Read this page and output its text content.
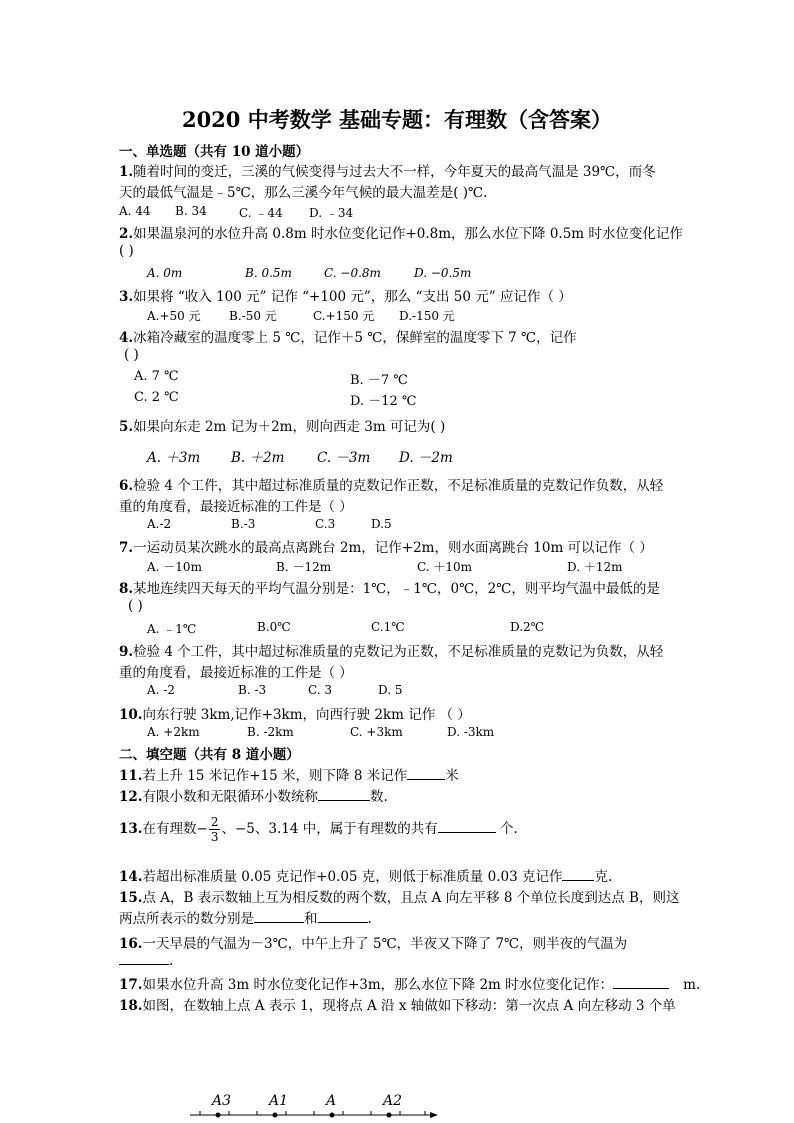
2020 中考数学 基础专题：有理数（含答案）
一、单选题（共有 10 道小题）
1.随着时间的变迁，三溪的气候变得与过去大不一样，今年夏天的最高气温是 39℃，而冬
天的最低气温是﹣5℃，那么三溪今年气候的最大温差是( )℃.
A. 44 B. 34	C. ﹣44 D. ﹣34
2.如果温泉河的水位升高 0.8m 时水位变化记作+0.8m，那么水位下降 0.5m 时水位变化记作
( )
A. 0m	B. 0.5m	C. −0.8m	D. −0.5m
3.如果将 “收入 100 元” 记作 “+100 元”，那么 “支出 50 元” 应记作（ ）
A.+50 元 B.-50 元	C.+150 元 D.-150 元
4.冰箱冷藏室的温度零上 5 ℃，记作＋5 ℃，保鲜室的温度零下 7 ℃，记作
( )
A. 7 ℃	B. －7 ℃
C. 2 ℃	D. －12 ℃
5.如果向东走 2m 记为＋2m，则向西走 3m 可记为( )
A. ＋3m B. ＋2m C. －3m D. －2m
6.检验 4 个工件，其中超过标准质量的克数记作正数，不足标准质量的克数记作负数，从轻
重的角度看，最接近标准的工件是（ ）
A.-2	B.-3	C.3	D.5
7.一运动员某次跳水的最高点离跳台 2m，记作+2m，则水面离跳台 10m 可以记作（ ）
A. －10m	B. －12m	C. ＋10m	D. ＋12m
8.某地连续四天每天的平均气温分别是：1℃，﹣1℃，0℃，2℃，则平均气温中最低的是
( )
A. ﹣1℃	B.0℃	C.1℃	D.2℃
9.检验 4 个工件，其中超过标准质量的克数记为正数，不足标准质量的克数记为负数，从轻
重的角度看，最接近标准的工件是（ ）
A. -2	B. -3	C. 3	D. 5
10.向东行驶 3km,记作+3km，向西行驶 2km 记作 （ ）
A. +2km	B. -2km	C. +3km	D. -3km
二、填空题（共有 8 道小题）
11.若上升 15 米记作+15 米，则下降 8 米记作	米
12.有限小数和无限循环小数统称	数.
13.在有理数− $\frac{2}{3}$ 、−5、3.14 中，属于有理数的共有	个.
14.若超出标准质量 0.05 克记作+0.05 克，则低于标准质量 0.03 克记作 克.
15.点 A，B 表示数轴上互为相反数的两个数，且点 A 向左平移 8 个单位长度到达点 B，则这
两点所表示的数分别是	和	.
16.一天早晨的气温为－3℃，中午上升了 5℃，半夜又下降了 7℃，则半夜的气温为
.
17.如果水位升高 3m 时水位变化记作+3m，那么水位下降 2m 时水位变化记作：	m.
18.如图，在数轴上点 A 表示 1，现将点 A 沿 x 轴做如下移动：第一次点 A 向左移动 3 个单
A3	A1	A	A2
